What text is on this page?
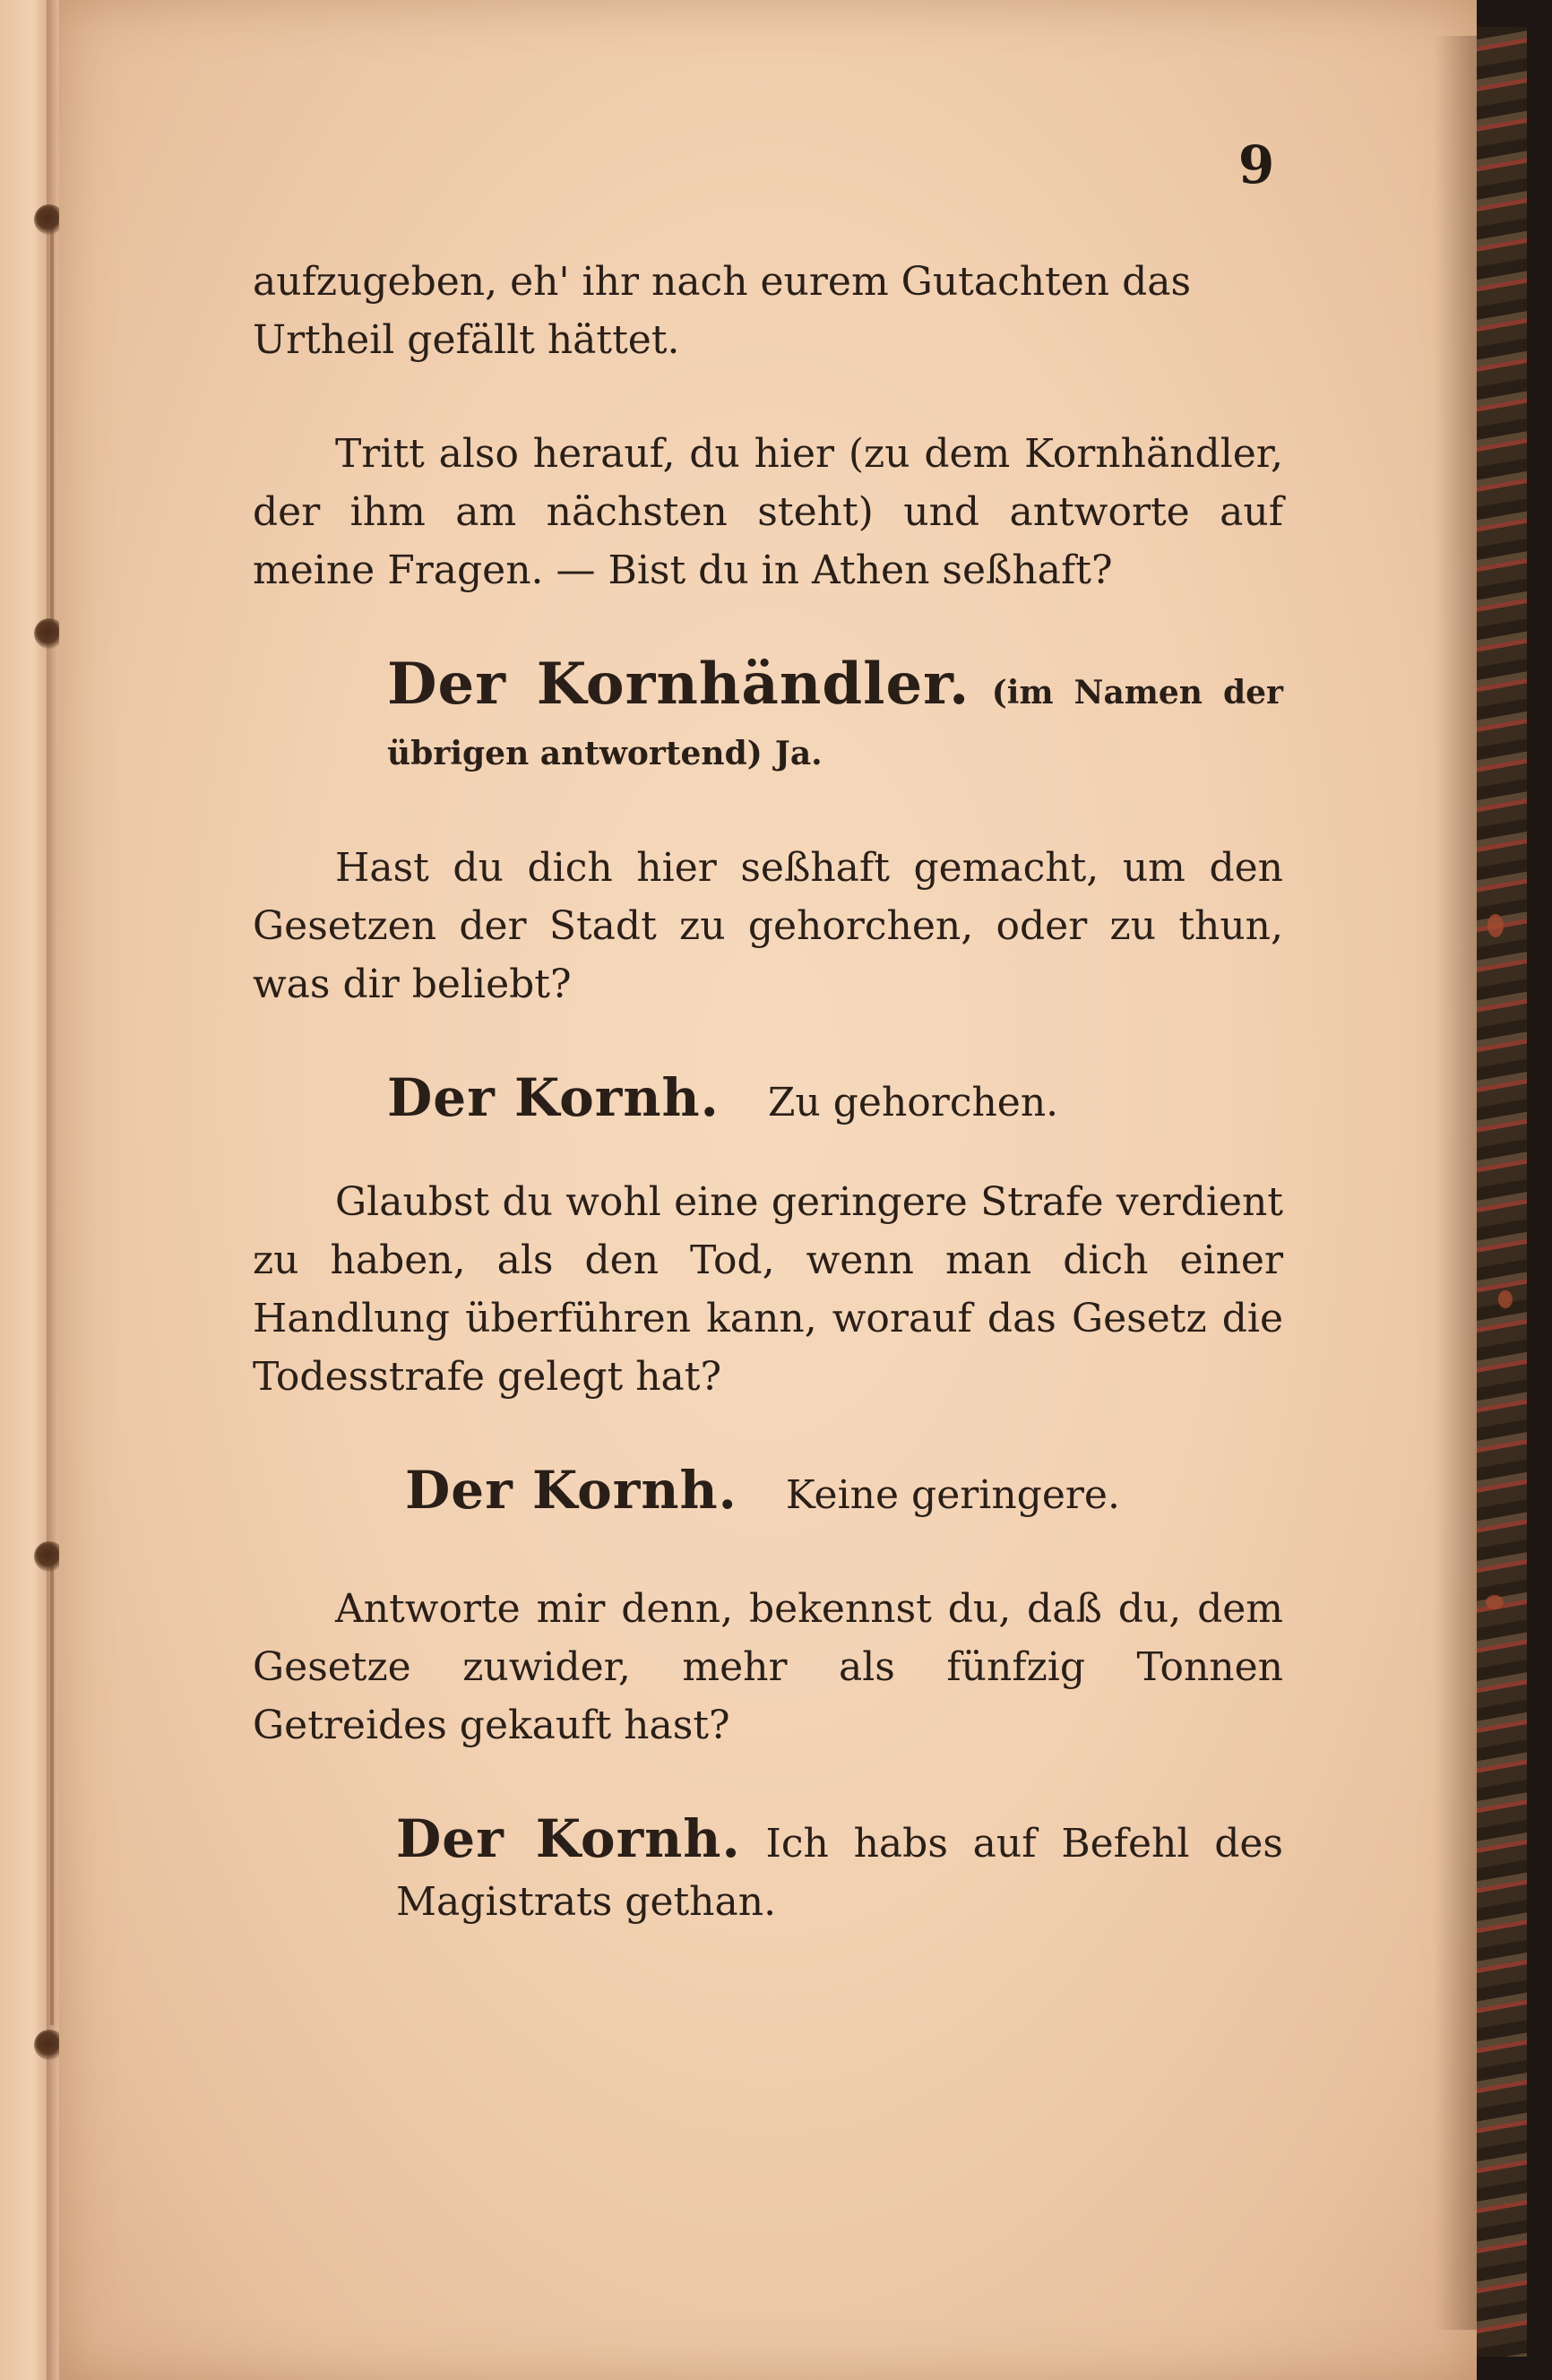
9

aufzugeben, eh' ihr nach eurem Gutachten das
Urtheil gefällt hättet.

Tritt also herauf, du hier (zu dem Kornhändler, der ihm am nächsten steht) und antworte auf meine Fragen. — Bist du in Athen seßhaft?

Der Kornhändler. (im Namen der übrigen antwortend) Ja.

Hast du dich hier seßhaft gemacht, um den Gesetzen der Stadt zu gehorchen, oder zu thun, was dir beliebt?

Der Kornh. Zu gehorchen.

Glaubst du wohl eine geringere Strafe verdient zu haben, als den Tod, wenn man dich einer Handlung überführen kann, worauf das Gesetz die Todesstrafe gelegt hat?

Der Kornh. Keine geringere.

Antworte mir denn, bekennst du, daß du, dem Gesetze zuwider, mehr als fünfzig Tonnen Getreides gekauft hast?

Der Kornh. Ich habs auf Befehl des Magistrats gethan.
